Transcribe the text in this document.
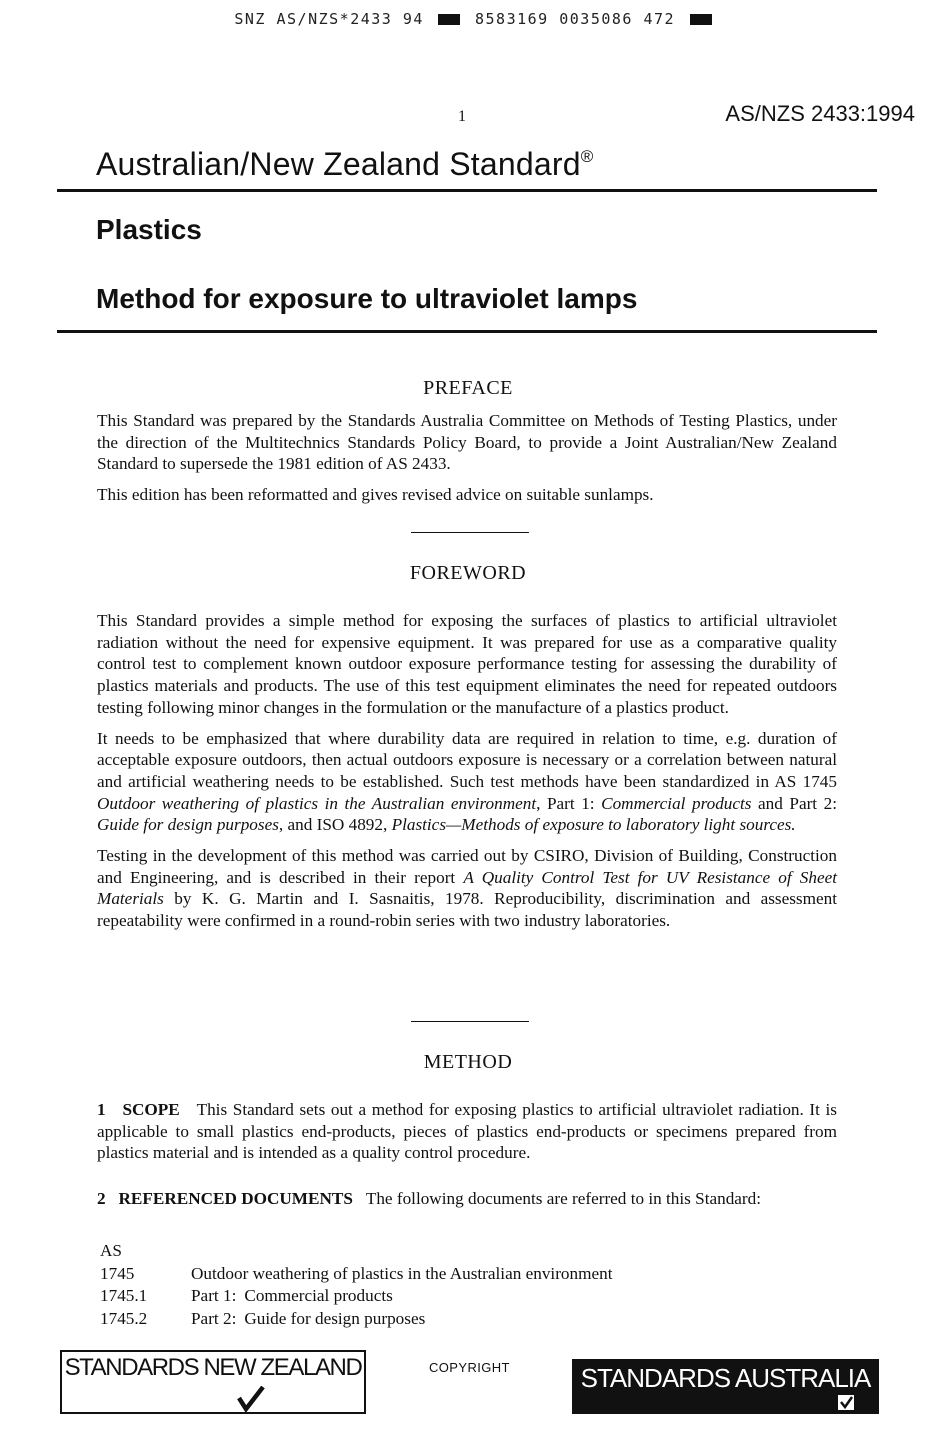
SNZ AS/NZS*2433 94	8583169 0035086 472
1	AS/NZS 2433:1994
Australian/New Zealand Standard®
Plastics
Method for exposure to ultraviolet lamps
PREFACE

This Standard was prepared by the Standards Australia Committee on Methods of Testing Plastics, under the direction of the Multitechnics Standards Policy Board, to provide a Joint Australian/New Zealand Standard to supersede the 1981 edition of AS 2433.

This edition has been reformatted and gives revised advice on suitable sunlamps.

FOREWORD

This Standard provides a simple method for exposing the surfaces of plastics to artificial ultraviolet radiation without the need for expensive equipment. It was prepared for use as a comparative quality control test to complement known outdoor exposure performance testing for assessing the durability of plastics materials and products. The use of this test equipment eliminates the need for repeated outdoors testing following minor changes in the formulation or the manufacture of a plastics product.

It needs to be emphasized that where durability data are required in relation to time, e.g. duration of acceptable exposure outdoors, then actual outdoors exposure is necessary or a correlation between natural and artificial weathering needs to be established. Such test methods have been standardized in AS 1745 Outdoor weathering of plastics in the Australian environment, Part 1: Commercial products and Part 2: Guide for design purposes, and ISO 4892, Plastics—Methods of exposure to laboratory light sources.

Testing in the development of this method was carried out by CSIRO, Division of Building, Construction and Engineering, and is described in their report A Quality Control Test for UV Resistance of Sheet Materials by K. G. Martin and I. Sasnaitis, 1978. Reproducibility, discrimination and assessment repeatability were confirmed in a round-robin series with two industry laboratories.

METHOD

1 SCOPE This Standard sets out a method for exposing plastics to artificial ultraviolet radiation. It is applicable to small plastics end-products, pieces of plastics end-products or specimens prepared from plastics material and is intended as a quality control procedure.

2 REFERENCED DOCUMENTS The following documents are referred to in this Standard:

AS
1745	Outdoor weathering of plastics in the Australian environment
1745.1	Part 1: Commercial products
1745.2	Part 2: Guide for design purposes
STANDARDS NEW ZEALAND	COPYRIGHT	STANDARDS AUSTRALIA
